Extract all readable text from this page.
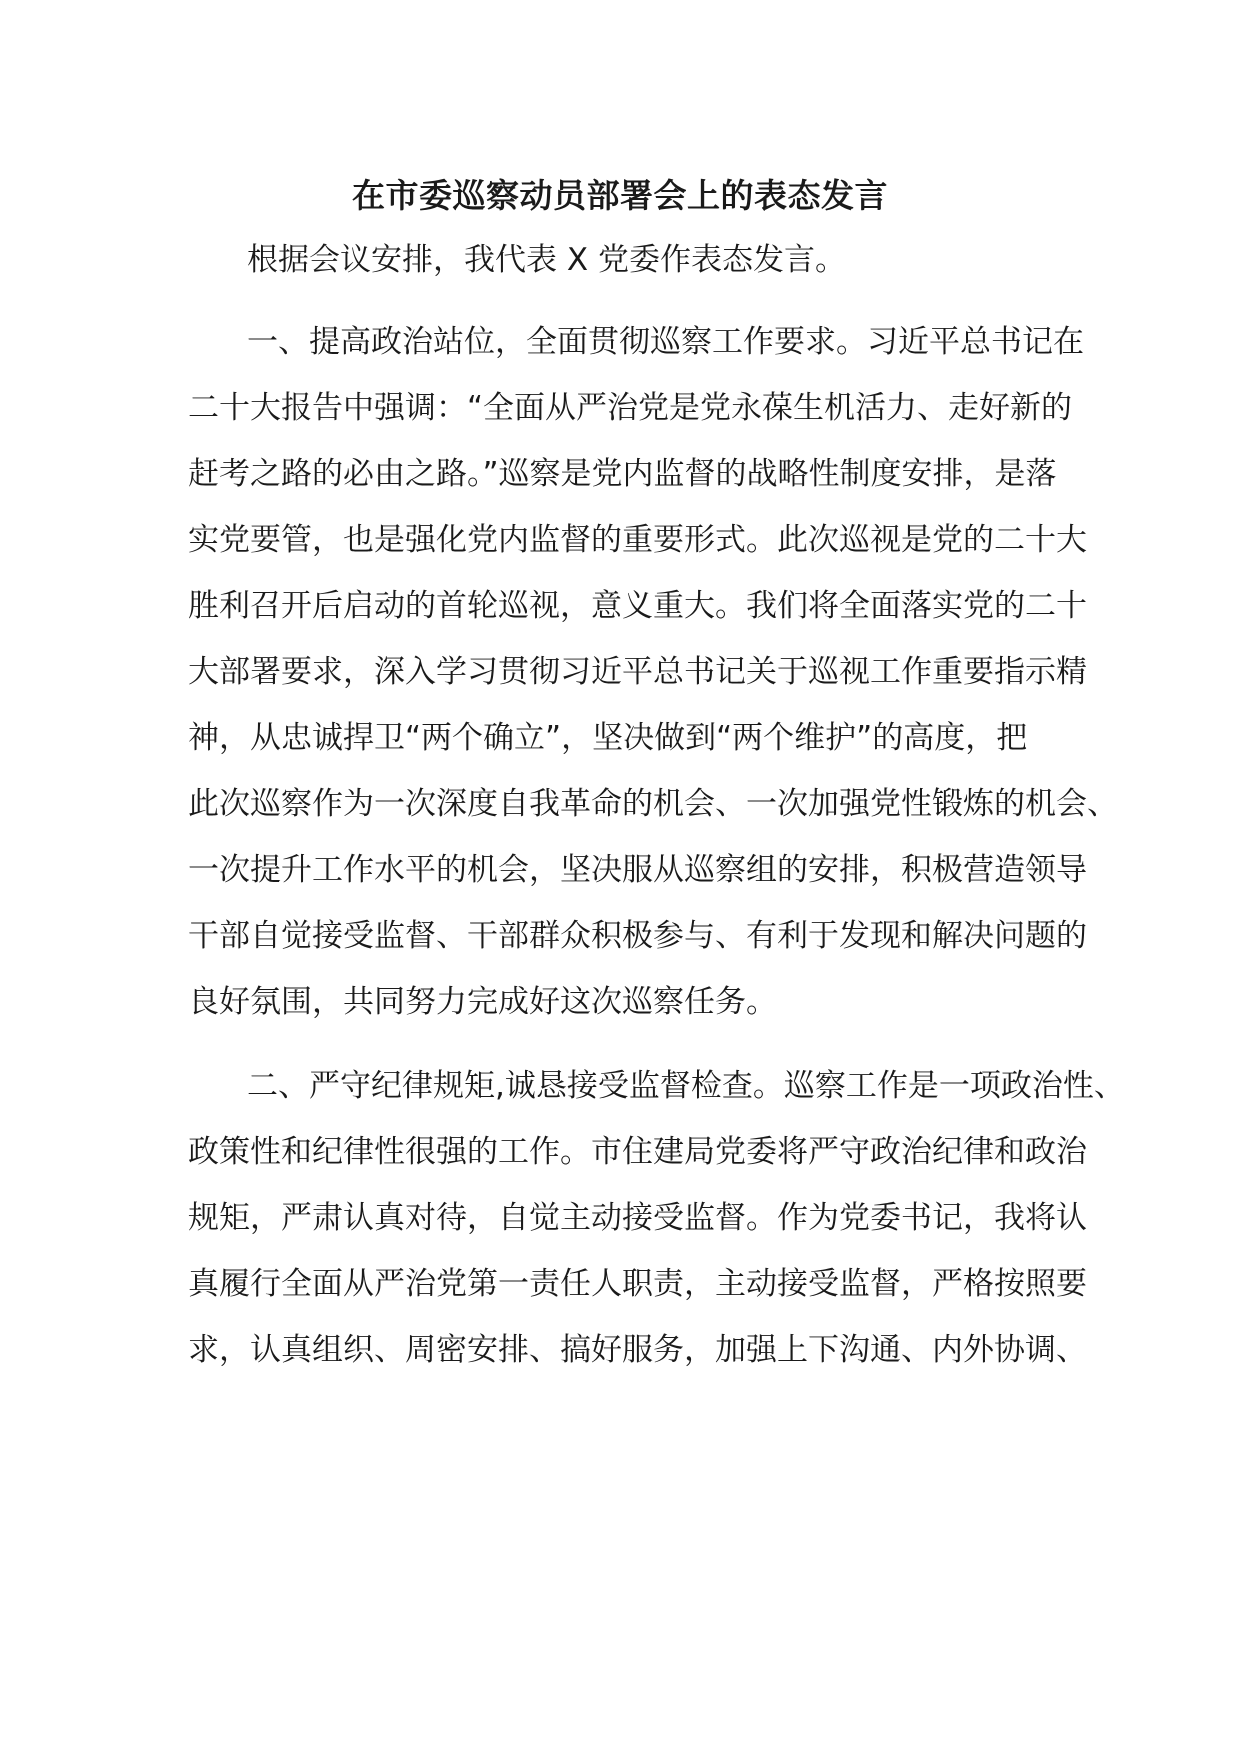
在市委巡察动员部署会上的表态发言

根据会议安排，我代表 X 党委作表态发言。

一、提高政治站位，全面贯彻巡察工作要求。习近平总书记在

二十大报告中强调：“全面从严治党是党永葆生机活力、走好新的

赶考之路的必由之路。”巡察是党内监督的战略性制度安排，是落

实党要管，也是强化党内监督的重要形式。此次巡视是党的二十大

胜利召开后启动的首轮巡视，意义重大。我们将全面落实党的二十

大部署要求，深入学习贯彻习近平总书记关于巡视工作重要指示精

神，从忠诚捍卫“两个确立”，坚决做到“两个维护”的高度，把

此次巡察作为一次深度自我革命的机会、一次加强党性锻炼的机会、

一次提升工作水平的机会，坚决服从巡察组的安排，积极营造领导

干部自觉接受监督、干部群众积极参与、有利于发现和解决问题的

良好氛围，共同努力完成好这次巡察任务。

二、严守纪律规矩,诚恳接受监督检查。巡察工作是一项政治性、

政策性和纪律性很强的工作。市住建局党委将严守政治纪律和政治

规矩，严肃认真对待，自觉主动接受监督。作为党委书记，我将认

真履行全面从严治党第一责任人职责，主动接受监督，严格按照要

求，认真组织、周密安排、搞好服务，加强上下沟通、内外协调、
